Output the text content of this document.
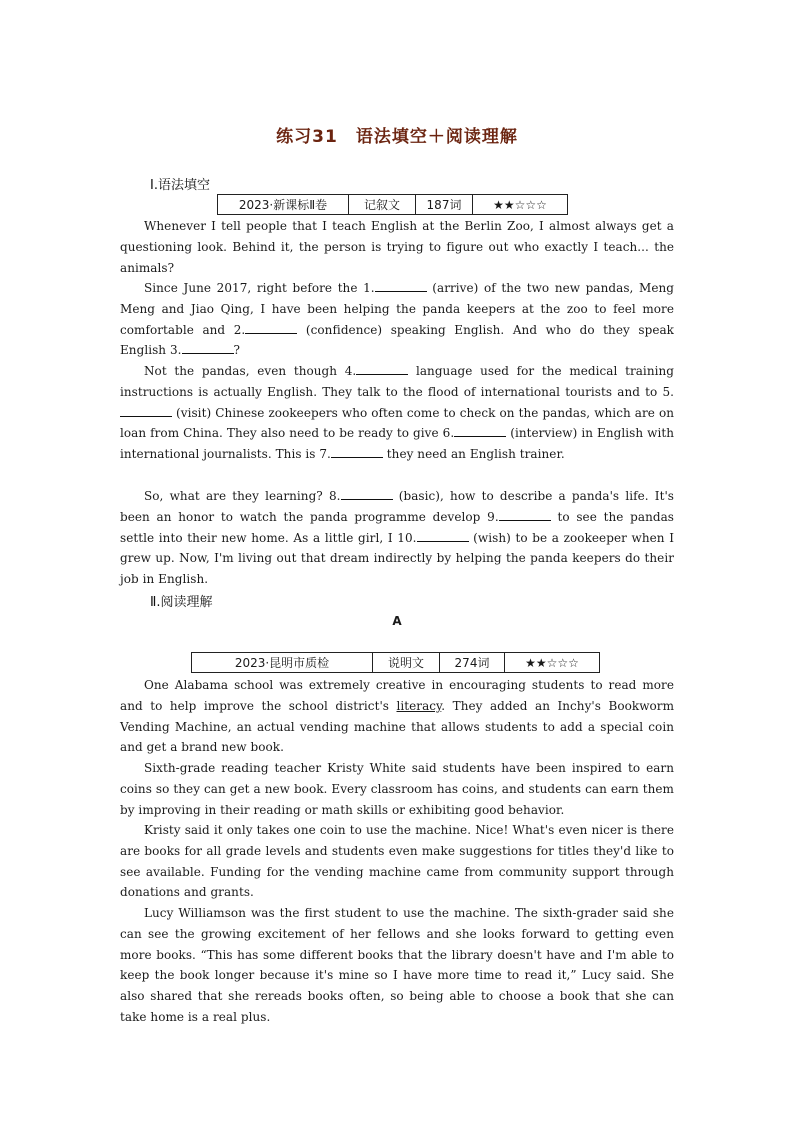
练习31　语法填空＋阅读理解
Ⅰ.语法填空
2023·新课标Ⅱ卷	记叙文	187词	★★☆☆☆

Whenever I tell people that I teach English at the Berlin Zoo, I almost always get a questioning look. Behind it, the person is trying to figure out who exactly I teach... the animals?

Since June 2017, right before the 1.	(arrive) of the two new pandas, Meng Meng and Jiao Qing, I have been helping the panda keepers at the zoo to feel more comfortable and 2.	(confidence) speaking English. And who do they speak English 3.	?

Not the pandas, even though 4.	language used for the medical training instructions is actually English. They talk to the flood of international tourists and to 5. (visit) Chinese zookeepers who often come to check on the pandas, which are on loan from China. They also need to be ready to give 6.	(interview) in English with international journalists. This is 7.	they need an English trainer.

So, what are they learning? 8.	(basic), how to describe a panda's life. It's been an honor to watch the panda programme develop 9.	to see the pandas settle into their new home. As a little girl, I 10.	(wish) to be a zookeeper when I grew up. Now, I'm living out that dream indirectly by helping the panda keepers do their job in English.

Ⅱ.阅读理解
A
2023·昆明市质检	说明文	274词	★★☆☆☆

One Alabama school was extremely creative in encouraging students to read more and to help improve the school district's literacy. They added an Inchy's Bookworm Vending Machine, an actual vending machine that allows students to add a special coin and get a brand new book.

Sixth-grade reading teacher Kristy White said students have been inspired to earn coins so they can get a new book. Every classroom has coins, and students can earn them by improving in their reading or math skills or exhibiting good behavior.

Kristy said it only takes one coin to use the machine. Nice! What's even nicer is there are books for all grade levels and students even make suggestions for titles they'd like to see available. Funding for the vending machine came from community support through donations and grants.

Lucy Williamson was the first student to use the machine. The sixth-grader said she can see the growing excitement of her fellows and she looks forward to getting even more books. “This has some different books that the library doesn't have and I'm able to keep the book longer because it's mine so I have more time to read it,” Lucy said. She also shared that she rereads books often, so being able to choose a book that she can take home is a real plus.
